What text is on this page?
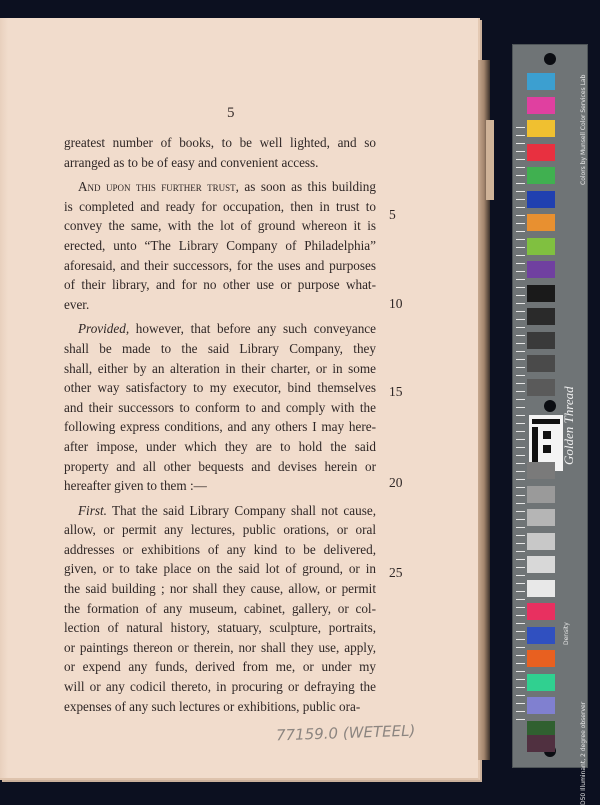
5
greatest number of books, to be well lighted, and so
arranged as to be of easy and convenient access.
And upon this further trust, as soon as this building
is completed and ready for occupation, then in trust to
convey the same, with the lot of ground whereon it is
erected, unto “The Library Company of Philadelphia”
aforesaid, and their successors, for the uses and purposes
of their library, and for no other use or purpose what-
ever.
Provided, however, that before any such conveyance
shall be made to the said Library Company, they
shall, either by an alteration in their charter, or in some
other way satisfactory to my executor, bind themselves
and their successors to conform to and comply with the
following express conditions, and any others I may here-
after impose, under which they are to hold the said
property and all other bequests and devises herein or
hereafter given to them :—
First. That the said Library Company shall not cause,
allow, or permit any lectures, public orations, or oral
addresses or exhibitions of any kind to be delivered,
given, or to take place on the said lot of ground, or in
the said building ; nor shall they cause, allow, or permit
the formation of any museum, cabinet, gallery, or col-
lection of natural history, statuary, sculpture, portraits,
or paintings thereon or therein, nor shall they use, apply,
or expend any funds, derived from me, or under my
will or any codicil thereto, in procuring or defraying the
expenses of any such lectures or exhibitions, public ora-
5
10
15
20
25
77159.0 (WETEEL)
Golden Thread
Colors by Munsell Color Services Lab
D50 Illuminant, 2 degree observer
Density
